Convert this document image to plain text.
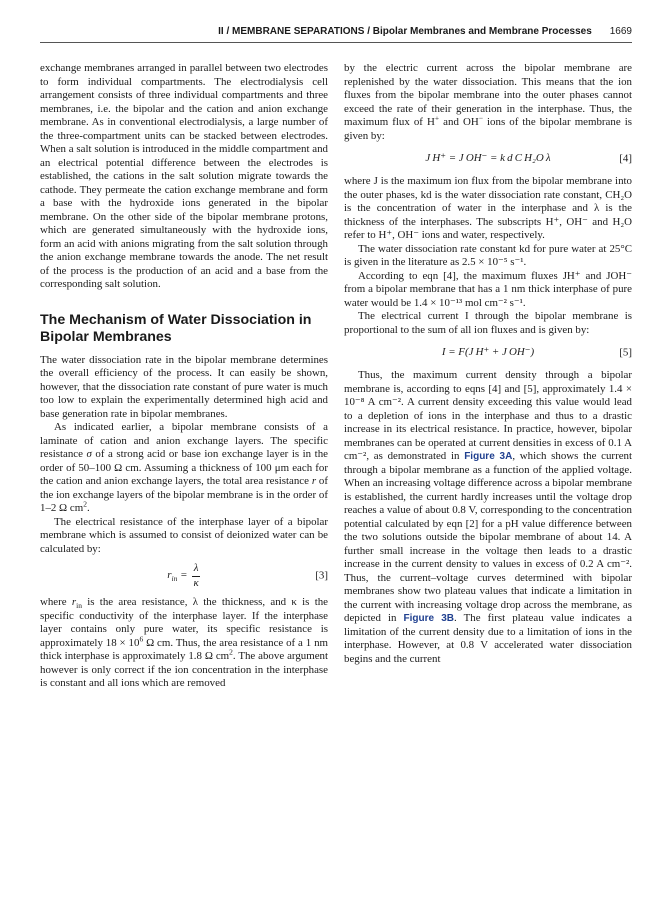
II / MEMBRANE SEPARATIONS / Bipolar Membranes and Membrane Processes 1669

exchange membranes arranged in parallel between two electrodes to form individual compartments. The electrodialysis cell arrangement consists of three individual compartments and three membranes, i.e. the bipolar and the cation and anion exchange membrane. As in conventional electrodialysis, a large number of the three-compartment units can be stacked between electrodes. When a salt solution is introduced in the middle compartment and an electrical potential difference between the electrodes is established, the cations in the salt solution migrate towards the cathode. They permeate the cation exchange membrane and form a base with the hydroxide ions generated in the bipolar membrane. On the other side of the bipolar membrane protons, which are generated simultaneously with the hydroxide ions, form an acid with anions migrating from the salt solution through the anion exchange membrane towards the anode. The net result of the process is the production of an acid and a base from the corresponding salt solution.

The Mechanism of Water Dissociation in Bipolar Membranes

The water dissociation rate in the bipolar membrane determines the overall efficiency of the process. It can easily be shown, however, that the dissociation rate constant of pure water is much too low to explain the experimentally determined high acid and base generation rate in bipolar membranes.

As indicated earlier, a bipolar membrane consists of a laminate of cation and anion exchange layers. The specific resistance σ of a strong acid or base ion exchange layer is in the order of 50–100 Ω cm. Assuming a thickness of 100 μm each for the cation and anion exchange layers, the total area resistance r of the ion exchange layers of the bipolar membrane is in the order of 1–2 Ω $cm^2$.

The electrical resistance of the interphase layer of a bipolar membrane which is assumed to consist of deionized water can be calculated by:

$r_{in} = \frac{\lambda}{\kappa}$	[3]

where $r_{in}$ is the area resistance, λ the thickness, and κ is the specific conductivity of the interphase layer. If the interphase layer contains only pure water, its specific resistance is approximately $18 \times 10^6$ Ω cm. Thus, the area resistance of a 1 nm thick interphase is approximately 1.8 Ω $cm^2$. The above argument however is only correct if the ion concentration in the interphase is constant and all ions which are removed

by the electric current across the bipolar membrane are replenished by the water dissociation. This means that the ion fluxes from the bipolar membrane into the outer phases cannot exceed the rate of their generation in the interphase. Thus, the maximum flux of H+ and OH− ions of the bipolar membrane is given by:

J H⁺ = J OH⁻ = k d C H₂O λ	[4]

where J is the maximum ion flux from the bipolar membrane into the outer phases, kd is the water dissociation rate constant, CH₂O is the concentration of water in the interphase and λ is the thickness of the interphases. The subscripts H⁺, OH⁻ and H₂O refer to H⁺, OH⁻ ions and water, respectively.

The water dissociation rate constant kd for pure water at 25°C is given in the literature as 2.5 × 10⁻⁵ s⁻¹.

According to eqn [4], the maximum fluxes JH⁺ and JOH⁻ from a bipolar membrane that has a 1 nm thick interphase of pure water would be 1.4 × 10⁻¹³ mol cm⁻² s⁻¹.

The electrical current I through the bipolar membrane is proportional to the sum of all ion fluxes and is given by:

I = F(J H⁺ + J OH⁻)	[5]

Thus, the maximum current density through a bipolar membrane is, according to eqns [4] and [5], approximately 1.4 × 10⁻⁸ A cm⁻². A current density exceeding this value would lead to a depletion of ions in the interphase and thus to a drastic increase in its electrical resistance. In practice, however, bipolar membranes can be operated at current densities in excess of 0.1 A cm⁻², as demonstrated in Figure 3A, which shows the current through a bipolar membrane as a function of the applied voltage. When an increasing voltage difference across a bipolar membrane is established, the current hardly increases until the voltage drop reaches a value of about 0.8 V, corresponding to the concentration potential calculated by eqn [2] for a pH value difference between the two solutions outside the bipolar membrane of about 14. A further small increase in the voltage then leads to a drastic increase in the current density to values in excess of 0.2 A cm⁻². Thus, the current–voltage curves determined with bipolar membranes show two plateau values that indicate a limitation in the current with increasing voltage drop across the membrane, as depicted in Figure 3B. The first plateau value indicates a limitation of the current density due to a limitation of ions in the interphase. However, at 0.8 V accelerated water dissociation begins and the current
